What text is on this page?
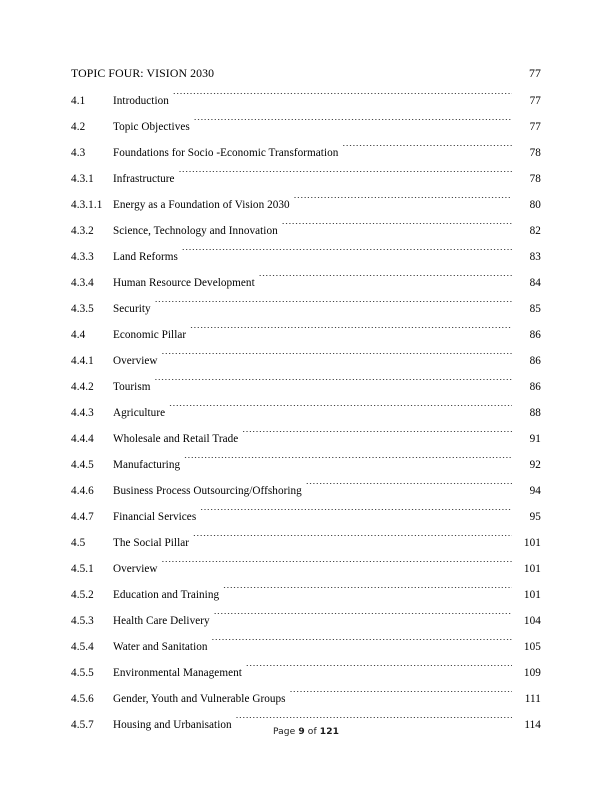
TOPIC FOUR: VISION 2030 .....	77
4.1	Introduction .....	77
4.2	Topic Objectives .....	77
4.3	Foundations for Socio -Economic Transformation .....	78
4.3.1	Infrastructure .....	78
4.3.1.1 Energy as a Foundation of Vision 2030 .....	80
4.3.2	Science, Technology and Innovation .....	82
4.3.3	Land Reforms .....	83
4.3.4	Human Resource Development .....	84
4.3.5	Security .....	85
4.4	Economic Pillar .....	86
4.4.1	Overview .....	86
4.4.2	Tourism .....	86
4.4.3	Agriculture .....	88
4.4.4	Wholesale and Retail Trade .....	91
4.4.5	Manufacturing .....	92
4.4.6	Business Process Outsourcing/Offshoring .....	94
4.4.7	Financial Services .....	95
4.5	The Social Pillar .....	101
4.5.1	Overview .....	101
4.5.2	Education and Training .....	101
4.5.3	Health Care Delivery .....	104
4.5.4	Water and Sanitation .....	105
4.5.5	Environmental Management .....	109
4.5.6	Gender, Youth and Vulnerable Groups .....	111
4.5.7	Housing and Urbanisation .....	114
Page 9 of 121
